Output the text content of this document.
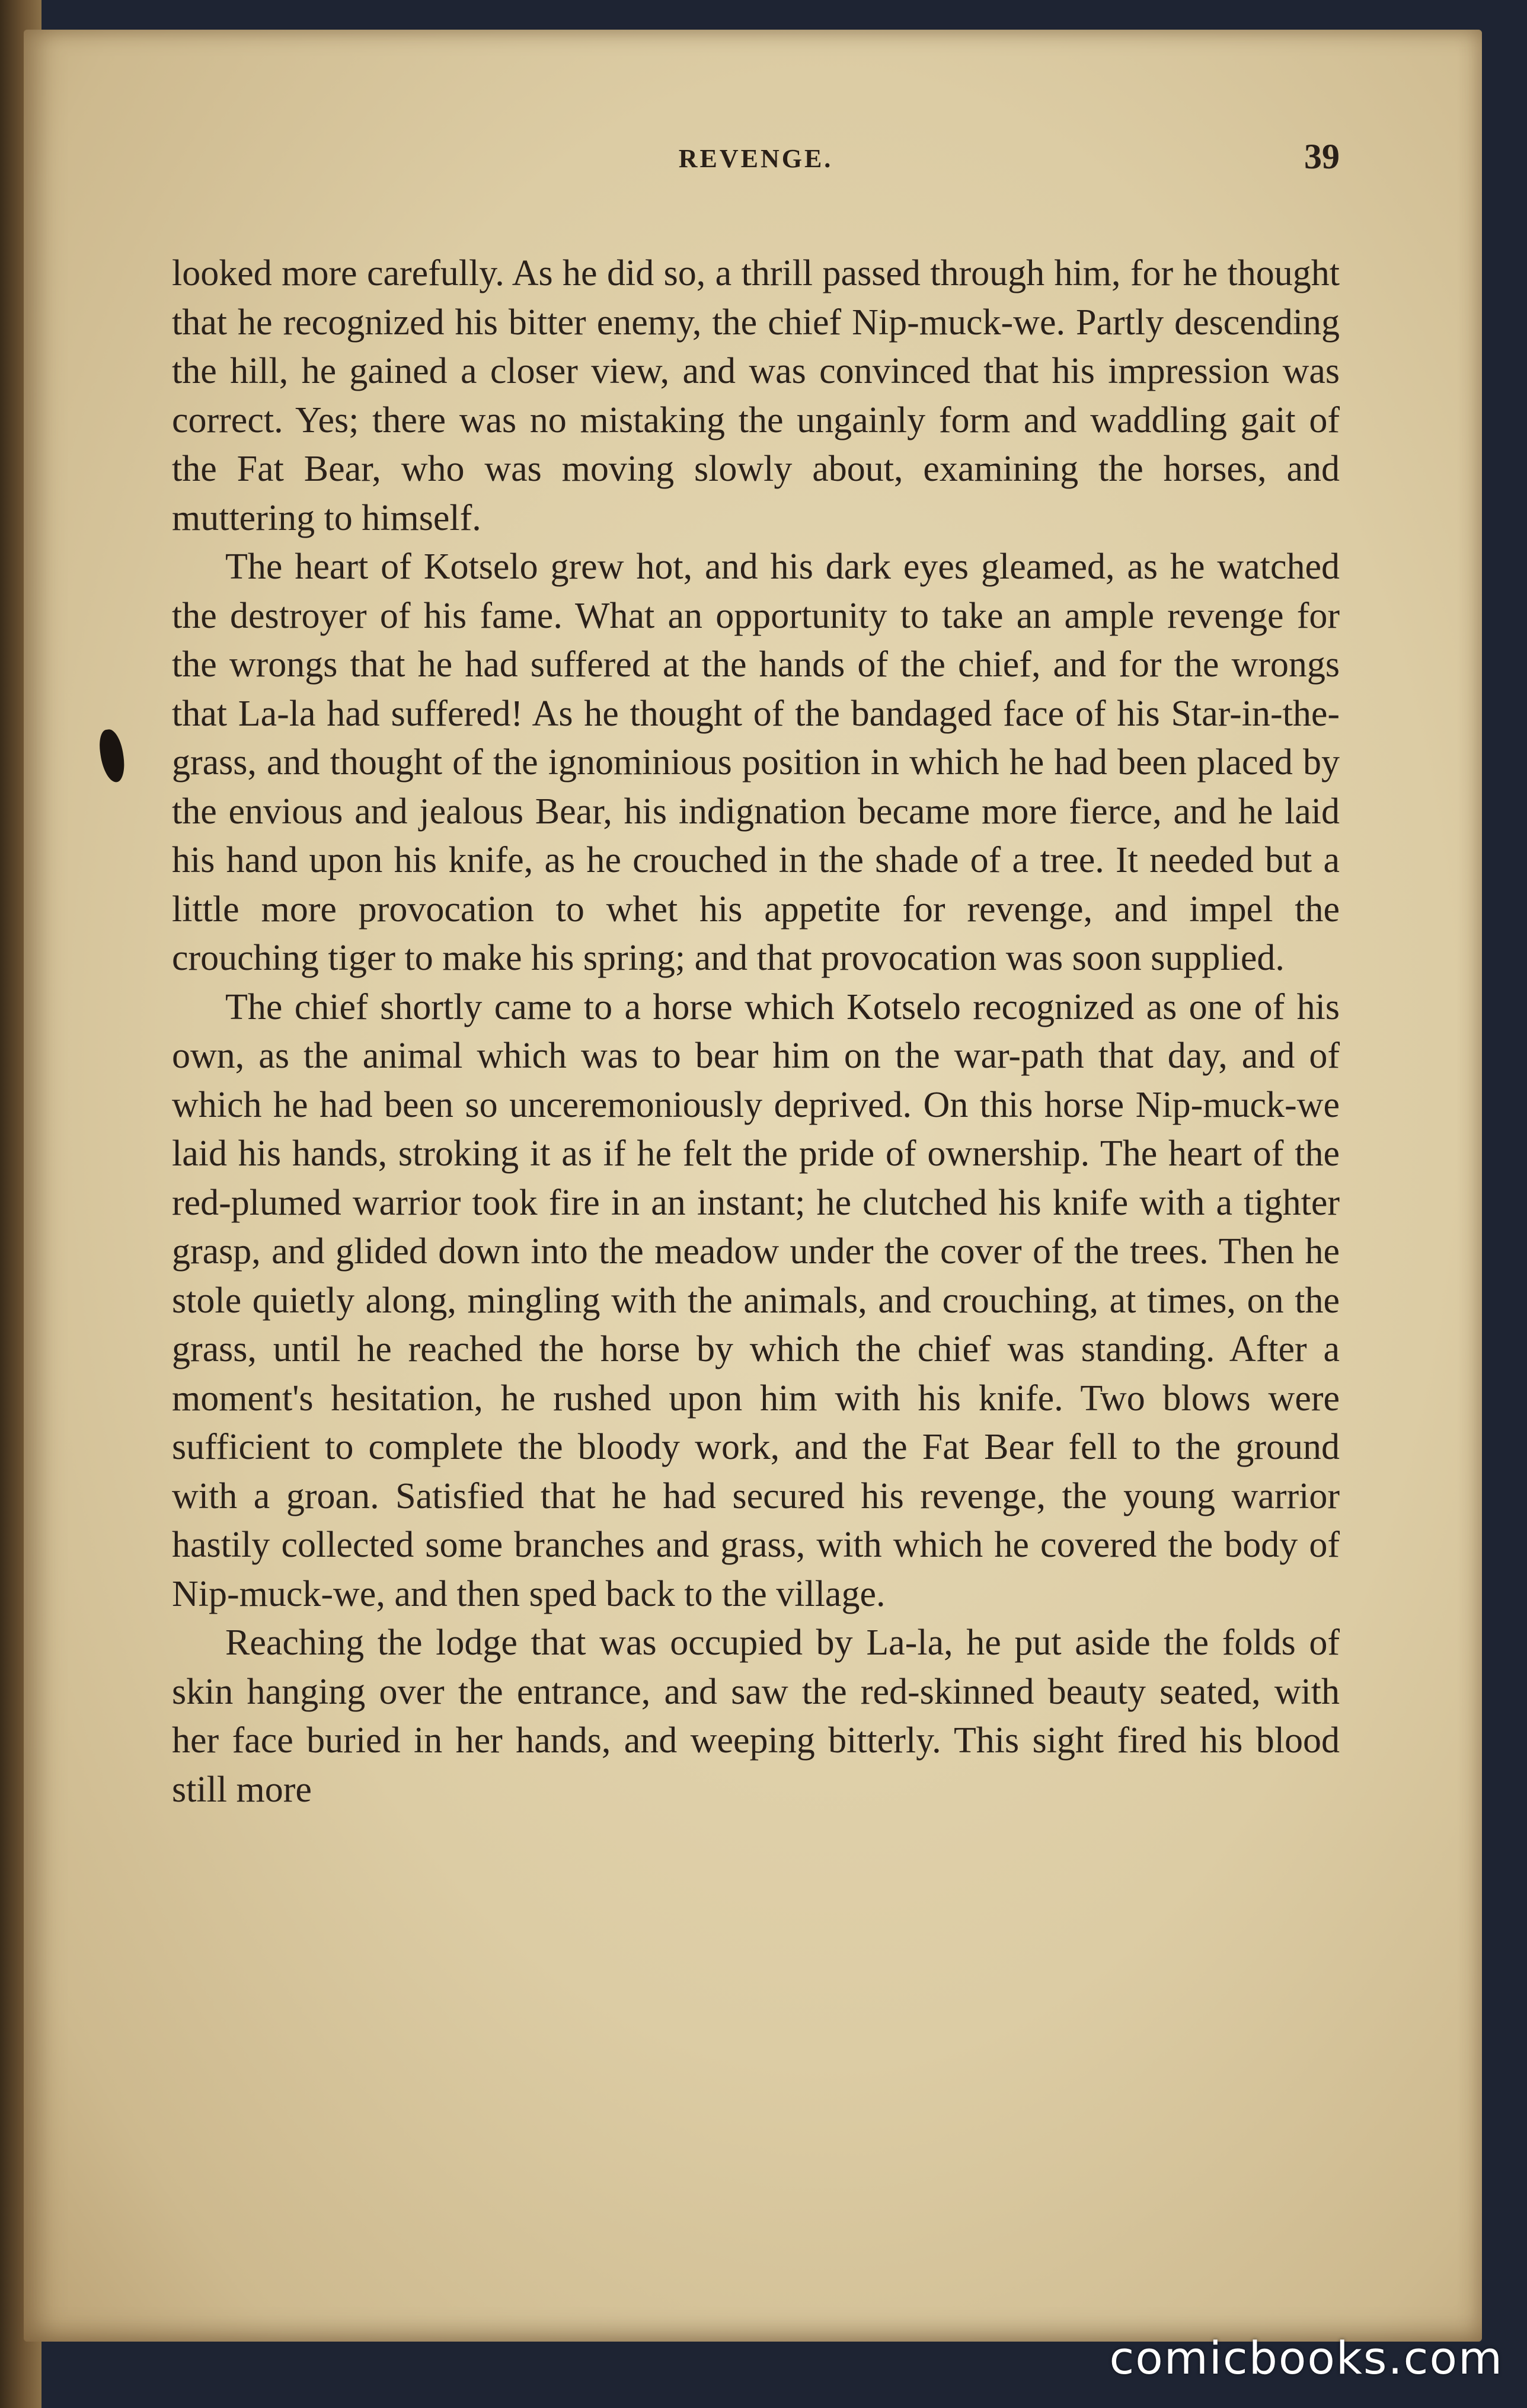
REVENGE.	39

looked more carefully. As he did so, a thrill passed through him, for he thought that he recognized his bitter enemy, the chief Nip-muck-we. Partly descending the hill, he gained a closer view, and was convinced that his impression was correct. Yes; there was no mistaking the ungainly form and waddling gait of the Fat Bear, who was moving slowly about, examining the horses, and muttering to himself.

The heart of Kotselo grew hot, and his dark eyes gleamed, as he watched the destroyer of his fame. What an opportunity to take an ample revenge for the wrongs that he had suffered at the hands of the chief, and for the wrongs that La-la had suffered! As he thought of the bandaged face of his Star-in-the-grass, and thought of the ignominious position in which he had been placed by the envious and jealous Bear, his indignation became more fierce, and he laid his hand upon his knife, as he crouched in the shade of a tree. It needed but a little more provocation to whet his appetite for revenge, and impel the crouching tiger to make his spring; and that provocation was soon supplied.

The chief shortly came to a horse which Kotselo recognized as one of his own, as the animal which was to bear him on the war-path that day, and of which he had been so unceremoniously deprived. On this horse Nip-muck-we laid his hands, stroking it as if he felt the pride of ownership. The heart of the red-plumed warrior took fire in an instant; he clutched his knife with a tighter grasp, and glided down into the meadow under the cover of the trees. Then he stole quietly along, mingling with the animals, and crouching, at times, on the grass, until he reached the horse by which the chief was standing. After a moment's hesitation, he rushed upon him with his knife. Two blows were sufficient to complete the bloody work, and the Fat Bear fell to the ground with a groan. Satisfied that he had secured his revenge, the young warrior hastily collected some branches and grass, with which he covered the body of Nip-muck-we, and then sped back to the village.

Reaching the lodge that was occupied by La-la, he put aside the folds of skin hanging over the entrance, and saw the red-skinned beauty seated, with her face buried in her hands, and weeping bitterly. This sight fired his blood still more

comicbooks.com
